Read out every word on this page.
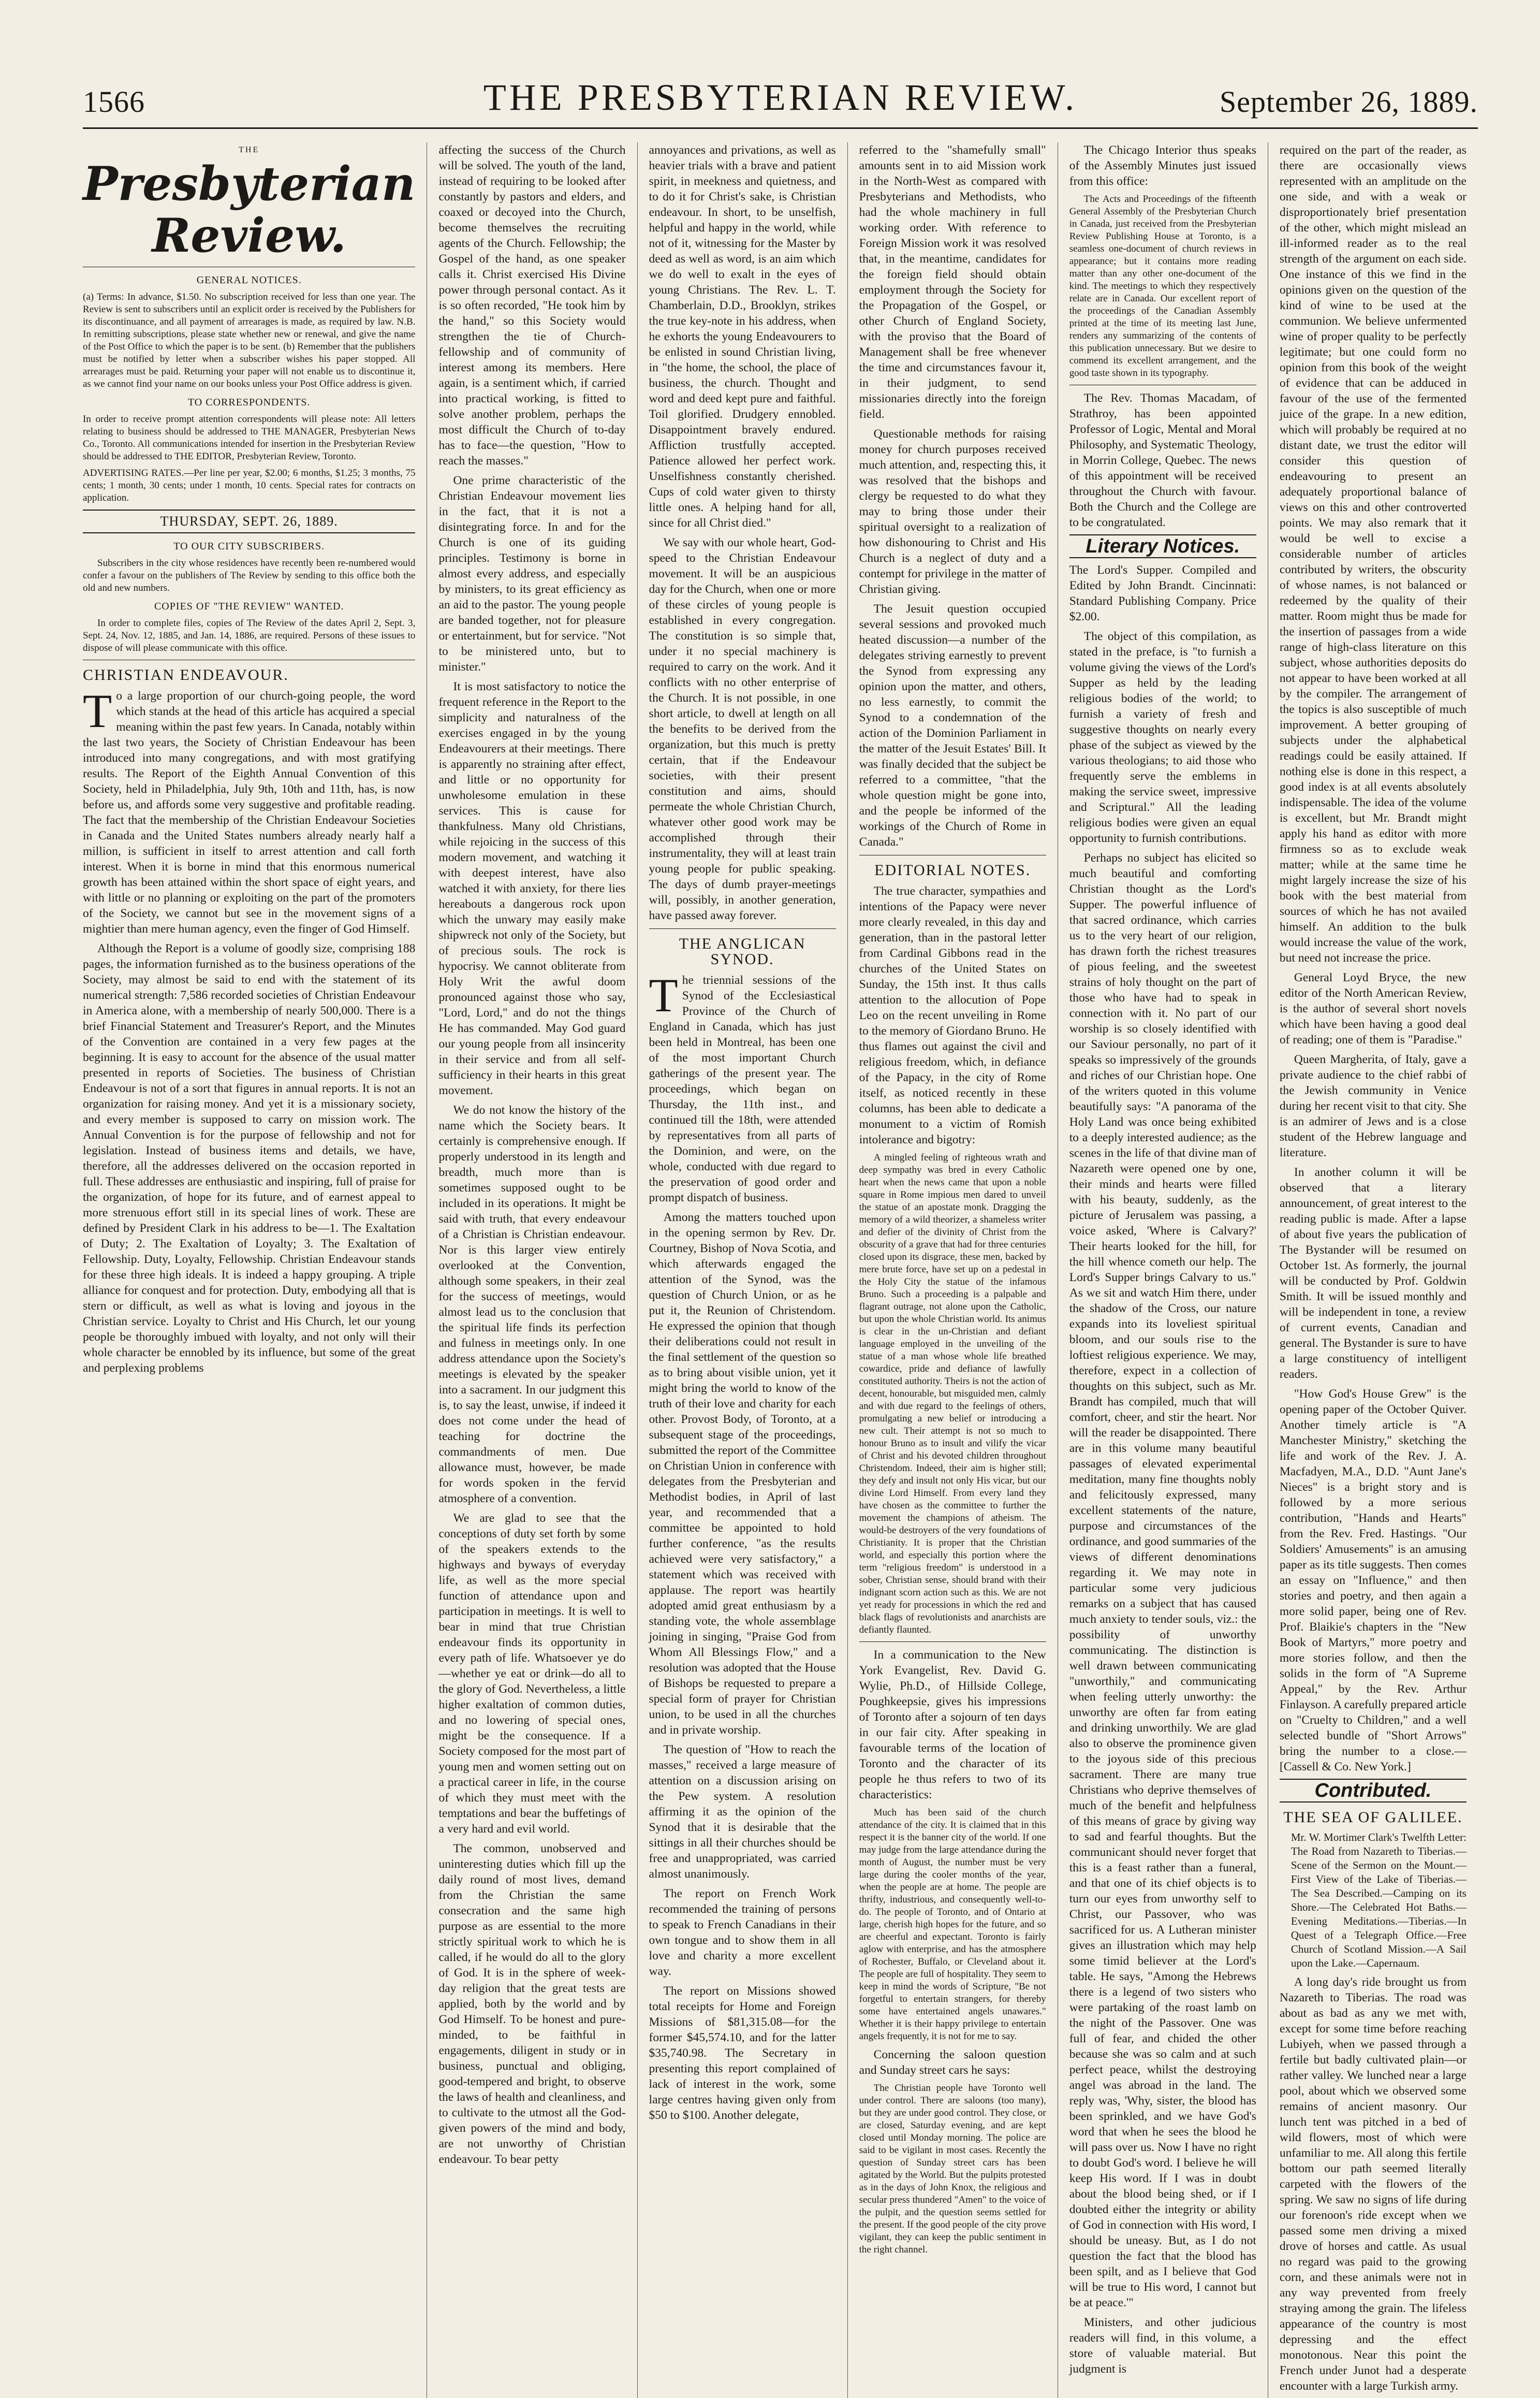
1566	THE PRESBYTERIAN REVIEW.	September 26, 1889.
THE
Presbyterian Review.
GENERAL NOTICES.

(a) Terms: In advance, $1.50. No subscription received for less than one year. The Review is sent to subscribers until an explicit order is received by the Publishers for its discontinuance, and all payment of arrearages is made, as required by law. N.B. In remitting subscriptions, please state whether new or renewal, and give the name of the Post Office to which the paper is to be sent. (b) Remember that the publishers must be notified by letter when a subscriber wishes his paper stopped. All arrearages must be paid. Returning your paper will not enable us to discontinue it, as we cannot find your name on our books unless your Post Office address is given.

TO CORRESPONDENTS.

In order to receive prompt attention correspondents will please note: All letters relating to business should be addressed to THE MANAGER, Presbyterian News Co., Toronto. All communications intended for insertion in the Presbyterian Review should be addressed to THE EDITOR, Presbyterian Review, Toronto.

ADVERTISING RATES.—Per line per year, $2.00; 6 months, $1.25; 3 months, 75 cents; 1 month, 30 cents; under 1 month, 10 cents. Special rates for contracts on application.

THURSDAY, SEPT. 26, 1889.
TO OUR CITY SUBSCRIBERS.

Subscribers in the city whose residences have recently been re-numbered would confer a favour on the publishers of The Review by sending to this office both the old and new numbers.

COPIES OF "THE REVIEW" WANTED.

In order to complete files, copies of The Review of the dates April 2, Sept. 3, Sept. 24, Nov. 12, 1885, and Jan. 14, 1886, are required. Persons of these issues to dispose of will please communicate with this office.

CHRISTIAN ENDEAVOUR.

To a large proportion of our church-going people, the word which stands at the head of this article has acquired a special meaning within the past few years. In Canada, notably within the last two years, the Society of Christian Endeavour has been introduced into many congregations, and with most gratifying results. The Report of the Eighth Annual Convention of this Society, held in Philadelphia, July 9th, 10th and 11th, has, is now before us, and affords some very suggestive and profitable reading. The fact that the membership of the Christian Endeavour Societies in Canada and the United States numbers already nearly half a million, is sufficient in itself to arrest attention and call forth interest. When it is borne in mind that this enormous numerical growth has been attained within the short space of eight years, and with little or no planning or exploiting on the part of the promoters of the Society, we cannot but see in the movement signs of a mightier than mere human agency, even the finger of God Himself.

Although the Report is a volume of goodly size, comprising 188 pages, the information furnished as to the business operations of the Society, may almost be said to end with the statement of its numerical strength: 7,586 recorded societies of Christian Endeavour in America alone, with a membership of nearly 500,000. There is a brief Financial Statement and Treasurer's Report, and the Minutes of the Convention are contained in a very few pages at the beginning. It is easy to account for the absence of the usual matter presented in reports of Societies. The business of Christian Endeavour is not of a sort that figures in annual reports. It is not an organization for raising money. And yet it is a missionary society, and every member is supposed to carry on mission work. The Annual Convention is for the purpose of fellowship and not for legislation. Instead of business items and details, we have, therefore, all the addresses delivered on the occasion reported in full. These addresses are enthusiastic and inspiring, full of praise for the organization, of hope for its future, and of earnest appeal to more strenuous effort still in its special lines of work. These are defined by President Clark in his address to be—1. The Exaltation of Duty; 2. The Exaltation of Loyalty; 3. The Exaltation of Fellowship. Duty, Loyalty, Fellowship. Christian Endeavour stands for these three high ideals. It is indeed a happy grouping. A triple alliance for conquest and for protection. Duty, embodying all that is stern or difficult, as well as what is loving and joyous in the Christian service. Loyalty to Christ and His Church, let our young people be thoroughly imbued with loyalty, and not only will their whole character be ennobled by its influence, but some of the great and perplexing problems

affecting the success of the Church will be solved. The youth of the land, instead of requiring to be looked after constantly by pastors and elders, and coaxed or decoyed into the Church, become themselves the recruiting agents of the Church. Fellowship; the Gospel of the hand, as one speaker calls it. Christ exercised His Divine power through personal contact. As it is so often recorded, "He took him by the hand," so this Society would strengthen the tie of Church-fellowship and of community of interest among its members. Here again, is a sentiment which, if carried into practical working, is fitted to solve another problem, perhaps the most difficult the Church of to-day has to face—the question, "How to reach the masses."

One prime characteristic of the Christian Endeavour movement lies in the fact, that it is not a disintegrating force. In and for the Church is one of its guiding principles. Testimony is borne in almost every address, and especially by ministers, to its great efficiency as an aid to the pastor. The young people are banded together, not for pleasure or entertainment, but for service. "Not to be ministered unto, but to minister."

It is most satisfactory to notice the frequent reference in the Report to the simplicity and naturalness of the exercises engaged in by the young Endeavourers at their meetings. There is apparently no straining after effect, and little or no opportunity for unwholesome emulation in these services. This is cause for thankfulness. Many old Christians, while rejoicing in the success of this modern movement, and watching it with deepest interest, have also watched it with anxiety, for there lies hereabouts a dangerous rock upon which the unwary may easily make shipwreck not only of the Society, but of precious souls. The rock is hypocrisy. We cannot obliterate from Holy Writ the awful doom pronounced against those who say, "Lord, Lord," and do not the things He has commanded. May God guard our young people from all insincerity in their service and from all self-sufficiency in their hearts in this great movement.

We do not know the history of the name which the Society bears. It certainly is comprehensive enough. If properly understood in its length and breadth, much more than is sometimes supposed ought to be included in its operations. It might be said with truth, that every endeavour of a Christian is Christian endeavour. Nor is this larger view entirely overlooked at the Convention, although some speakers, in their zeal for the success of meetings, would almost lead us to the conclusion that the spiritual life finds its perfection and fulness in meetings only. In one address attendance upon the Society's meetings is elevated by the speaker into a sacrament. In our judgment this is, to say the least, unwise, if indeed it does not come under the head of teaching for doctrine the commandments of men. Due allowance must, however, be made for words spoken in the fervid atmosphere of a convention.

We are glad to see that the conceptions of duty set forth by some of the speakers extends to the highways and byways of everyday life, as well as the more special function of attendance upon and participation in meetings. It is well to bear in mind that true Christian endeavour finds its opportunity in every path of life. Whatsoever ye do—whether ye eat or drink—do all to the glory of God. Nevertheless, a little higher exaltation of common duties, and no lowering of special ones, might be the consequence. If a Society composed for the most part of young men and women setting out on a practical career in life, in the course of which they must meet with the temptations and bear the buffetings of a very hard and evil world.

The common, unobserved and uninteresting duties which fill up the daily round of most lives, demand from the Christian the same consecration and the same high purpose as are essential to the more strictly spiritual work to which he is called, if he would do all to the glory of God. It is in the sphere of week-day religion that the great tests are applied, both by the world and by God Himself. To be honest and pure-minded, to be faithful in engagements, diligent in study or in business, punctual and obliging, good-tempered and bright, to observe the laws of health and cleanliness, and to cultivate to the utmost all the God-given powers of the mind and body, are not unworthy of Christian endeavour. To bear petty

annoyances and privations, as well as heavier trials with a brave and patient spirit, in meekness and quietness, and to do it for Christ's sake, is Christian endeavour. In short, to be unselfish, helpful and happy in the world, while not of it, witnessing for the Master by deed as well as word, is an aim which we do well to exalt in the eyes of young Christians. The Rev. L. T. Chamberlain, D.D., Brooklyn, strikes the true key-note in his address, when he exhorts the young Endeavourers to be enlisted in sound Christian living, in "the home, the school, the place of business, the church. Thought and word and deed kept pure and faithful. Toil glorified. Drudgery ennobled. Disappointment bravely endured. Affliction trustfully accepted. Patience allowed her perfect work. Unselfishness constantly cherished. Cups of cold water given to thirsty little ones. A helping hand for all, since for all Christ died."

We say with our whole heart, God-speed to the Christian Endeavour movement. It will be an auspicious day for the Church, when one or more of these circles of young people is established in every congregation. The constitution is so simple that, under it no special machinery is required to carry on the work. And it conflicts with no other enterprise of the Church. It is not possible, in one short article, to dwell at length on all the benefits to be derived from the organization, but this much is pretty certain, that if the Endeavour societies, with their present constitution and aims, should permeate the whole Christian Church, whatever other good work may be accomplished through their instrumentality, they will at least train young people for public speaking. The days of dumb prayer-meetings will, possibly, in another generation, have passed away forever.

THE ANGLICAN SYNOD.

The triennial sessions of the Synod of the Ecclesiastical Province of the Church of England in Canada, which has just been held in Montreal, has been one of the most important Church gatherings of the present year. The proceedings, which began on Thursday, the 11th inst., and continued till the 18th, were attended by representatives from all parts of the Dominion, and were, on the whole, conducted with due regard to the preservation of good order and prompt dispatch of business.

Among the matters touched upon in the opening sermon by Rev. Dr. Courtney, Bishop of Nova Scotia, and which afterwards engaged the attention of the Synod, was the question of Church Union, or as he put it, the Reunion of Christendom. He expressed the opinion that though their deliberations could not result in the final settlement of the question so as to bring about visible union, yet it might bring the world to know of the truth of their love and charity for each other. Provost Body, of Toronto, at a subsequent stage of the proceedings, submitted the report of the Committee on Christian Union in conference with delegates from the Presbyterian and Methodist bodies, in April of last year, and recommended that a committee be appointed to hold further conference, "as the results achieved were very satisfactory," a statement which was received with applause. The report was heartily adopted amid great enthusiasm by a standing vote, the whole assemblage joining in singing, "Praise God from Whom All Blessings Flow," and a resolution was adopted that the House of Bishops be requested to prepare a special form of prayer for Christian union, to be used in all the churches and in private worship.

The question of "How to reach the masses," received a large measure of attention on a discussion arising on the Pew system. A resolution affirming it as the opinion of the Synod that it is desirable that the sittings in all their churches should be free and unappropriated, was carried almost unanimously.

The report on French Work recommended the training of persons to speak to French Canadians in their own tongue and to show them in all love and charity a more excellent way.

The report on Missions showed total receipts for Home and Foreign Missions of $81,315.08—for the former $45,574.10, and for the latter $35,740.98. The Secretary in presenting this report complained of lack of interest in the work, some large centres having given only from $50 to $100. Another delegate,

referred to the "shamefully small" amounts sent in to aid Mission work in the North-West as compared with Presbyterians and Methodists, who had the whole machinery in full working order. With reference to Foreign Mission work it was resolved that, in the meantime, candidates for the foreign field should obtain employment through the Society for the Propagation of the Gospel, or other Church of England Society, with the proviso that the Board of Management shall be free whenever the time and circumstances favour it, in their judgment, to send missionaries directly into the foreign field.

Questionable methods for raising money for church purposes received much attention, and, respecting this, it was resolved that the bishops and clergy be requested to do what they may to bring those under their spiritual oversight to a realization of how dishonouring to Christ and His Church is a neglect of duty and a contempt for privilege in the matter of Christian giving.

The Jesuit question occupied several sessions and provoked much heated discussion—a number of the delegates striving earnestly to prevent the Synod from expressing any opinion upon the matter, and others, no less earnestly, to commit the Synod to a condemnation of the action of the Dominion Parliament in the matter of the Jesuit Estates' Bill. It was finally decided that the subject be referred to a committee, "that the whole question might be gone into, and the people be informed of the workings of the Church of Rome in Canada."

EDITORIAL NOTES.

The true character, sympathies and intentions of the Papacy were never more clearly revealed, in this day and generation, than in the pastoral letter from Cardinal Gibbons read in the churches of the United States on Sunday, the 15th inst. It thus calls attention to the allocution of Pope Leo on the recent unveiling in Rome to the memory of Giordano Bruno. He thus flames out against the civil and religious freedom, which, in defiance of the Papacy, in the city of Rome itself, as noticed recently in these columns, has been able to dedicate a monument to a victim of Romish intolerance and bigotry:

A mingled feeling of righteous wrath and deep sympathy was bred in every Catholic heart when the news came that upon a noble square in Rome impious men dared to unveil the statue of an apostate monk. Dragging the memory of a wild theorizer, a shameless writer and defier of the divinity of Christ from the obscurity of a grave that had for three centuries closed upon its disgrace, these men, backed by mere brute force, have set up on a pedestal in the Holy City the statue of the infamous Bruno. Such a proceeding is a palpable and flagrant outrage, not alone upon the Catholic, but upon the whole Christian world. Its animus is clear in the un-Christian and defiant language employed in the unveiling of the statue of a man whose whole life breathed cowardice, pride and defiance of lawfully constituted authority. Theirs is not the action of decent, honourable, but misguided men, calmly and with due regard to the feelings of others, promulgating a new belief or introducing a new cult. Their attempt is not so much to honour Bruno as to insult and vilify the vicar of Christ and his devoted children throughout Christendom. Indeed, their aim is higher still; they defy and insult not only His vicar, but our divine Lord Himself. From every land they have chosen as the committee to further the movement the champions of atheism. The would-be destroyers of the very foundations of Christianity. It is proper that the Christian world, and especially this portion where the term "religious freedom" is understood in a sober, Christian sense, should brand with their indignant scorn action such as this. We are not yet ready for processions in which the red and black flags of revolutionists and anarchists are defiantly flaunted.

In a communication to the New York Evangelist, Rev. David G. Wylie, Ph.D., of Hillside College, Poughkeepsie, gives his impressions of Toronto after a sojourn of ten days in our fair city. After speaking in favourable terms of the location of Toronto and the character of its people he thus refers to two of its characteristics:

Much has been said of the church attendance of the city. It is claimed that in this respect it is the banner city of the world. If one may judge from the large attendance during the month of August, the number must be very large during the cooler months of the year, when the people are at home. The people are thrifty, industrious, and consequently well-to-do. The people of Toronto, and of Ontario at large, cherish high hopes for the future, and so are cheerful and expectant. Toronto is fairly aglow with enterprise, and has the atmosphere of Rochester, Buffalo, or Cleveland about it. The people are full of hospitality. They seem to keep in mind the words of Scripture, "Be not forgetful to entertain strangers, for thereby some have entertained angels unawares." Whether it is their happy privilege to entertain angels frequently, it is not for me to say.

Concerning the saloon question and Sunday street cars he says:

The Christian people have Toronto well under control. There are saloons (too many), but they are under good control. They close, or are closed, Saturday evening, and are kept closed until Monday morning. The police are said to be vigilant in most cases. Recently the question of Sunday street cars has been agitated by the World. But the pulpits protested as in the days of John Knox, the religious and secular press thundered "Amen" to the voice of the pulpit, and the question seems settled for the present. If the good people of the city prove vigilant, they can keep the public sentiment in the right channel.

The Chicago Interior thus speaks of the Assembly Minutes just issued from this office:

The Acts and Proceedings of the fifteenth General Assembly of the Presbyterian Church in Canada, just received from the Presbyterian Review Publishing House at Toronto, is a seamless one-document of church reviews in appearance; but it contains more reading matter than any other one-document of the kind. The meetings to which they respectively relate are in Canada. Our excellent report of the proceedings of the Canadian Assembly printed at the time of its meeting last June, renders any summarizing of the contents of this publication unnecessary. But we desire to commend its excellent arrangement, and the good taste shown in its typography.

The Rev. Thomas Macadam, of Strathroy, has been appointed Professor of Logic, Mental and Moral Philosophy, and Systematic Theology, in Morrin College, Quebec. The news of this appointment will be received throughout the Church with favour. Both the Church and the College are to be congratulated.

Literary Notices.

The Lord's Supper. Compiled and Edited by John Brandt. Cincinnati: Standard Publishing Company. Price $2.00.

The object of this compilation, as stated in the preface, is "to furnish a volume giving the views of the Lord's Supper as held by the leading religious bodies of the world; to furnish a variety of fresh and suggestive thoughts on nearly every phase of the subject as viewed by the various theologians; to aid those who frequently serve the emblems in making the service sweet, impressive and Scriptural." All the leading religious bodies were given an equal opportunity to furnish contributions.

Perhaps no subject has elicited so much beautiful and comforting Christian thought as the Lord's Supper. The powerful influence of that sacred ordinance, which carries us to the very heart of our religion, has drawn forth the richest treasures of pious feeling, and the sweetest strains of holy thought on the part of those who have had to speak in connection with it. No part of our worship is so closely identified with our Saviour personally, no part of it speaks so impressively of the grounds and riches of our Christian hope. One of the writers quoted in this volume beautifully says: "A panorama of the Holy Land was once being exhibited to a deeply interested audience; as the scenes in the life of that divine man of Nazareth were opened one by one, their minds and hearts were filled with his beauty, suddenly, as the picture of Jerusalem was passing, a voice asked, 'Where is Calvary?' Their hearts looked for the hill, for the hill whence cometh our help. The Lord's Supper brings Calvary to us." As we sit and watch Him there, under the shadow of the Cross, our nature expands into its loveliest spiritual bloom, and our souls rise to the loftiest religious experience. We may, therefore, expect in a collection of thoughts on this subject, such as Mr. Brandt has compiled, much that will comfort, cheer, and stir the heart. Nor will the reader be disappointed. There are in this volume many beautiful passages of elevated experimental meditation, many fine thoughts nobly and felicitously expressed, many excellent statements of the nature, purpose and circumstances of the ordinance, and good summaries of the views of different denominations regarding it. We may note in particular some very judicious remarks on a subject that has caused much anxiety to tender souls, viz.: the possibility of unworthy communicating. The distinction is well drawn between communicating "unworthily," and communicating when feeling utterly unworthy: the unworthy are often far from eating and drinking unworthily. We are glad also to observe the prominence given to the joyous side of this precious sacrament. There are many true Christians who deprive themselves of much of the benefit and helpfulness of this means of grace by giving way to sad and fearful thoughts. But the communicant should never forget that this is a feast rather than a funeral, and that one of its chief objects is to turn our eyes from unworthy self to Christ, our Passover, who was sacrificed for us. A Lutheran minister gives an illustration which may help some timid believer at the Lord's table. He says, "Among the Hebrews there is a legend of two sisters who were partaking of the roast lamb on the night of the Passover. One was full of fear, and chided the other because she was so calm and at such perfect peace, whilst the destroying angel was abroad in the land. The reply was, 'Why, sister, the blood has been sprinkled, and we have God's word that when he sees the blood he will pass over us. Now I have no right to doubt God's word. I believe he will keep His word. If I was in doubt about the blood being shed, or if I doubted either the integrity or ability of God in connection with His word, I should be uneasy. But, as I do not question the fact that the blood has been spilt, and as I believe that God will be true to His word, I cannot but be at peace.'"

Ministers, and other judicious readers will find, in this volume, a store of valuable material. But judgment is

required on the part of the reader, as there are occasionally views represented with an amplitude on the one side, and with a weak or disproportionately brief presentation of the other, which might mislead an ill-informed reader as to the real strength of the argument on each side. One instance of this we find in the opinions given on the question of the kind of wine to be used at the communion. We believe unfermented wine of proper quality to be perfectly legitimate; but one could form no opinion from this book of the weight of evidence that can be adduced in favour of the use of the fermented juice of the grape. In a new edition, which will probably be required at no distant date, we trust the editor will consider this question of endeavouring to present an adequately proportional balance of views on this and other controverted points. We may also remark that it would be well to excise a considerable number of articles contributed by writers, the obscurity of whose names, is not balanced or redeemed by the quality of their matter. Room might thus be made for the insertion of passages from a wide range of high-class literature on this subject, whose authorities deposits do not appear to have been worked at all by the compiler. The arrangement of the topics is also susceptible of much improvement. A better grouping of subjects under the alphabetical readings could be easily attained. If nothing else is done in this respect, a good index is at all events absolutely indispensable. The idea of the volume is excellent, but Mr. Brandt might apply his hand as editor with more firmness so as to exclude weak matter; while at the same time he might largely increase the size of his book with the best material from sources of which he has not availed himself. An addition to the bulk would increase the value of the work, but need not increase the price.

General Loyd Bryce, the new editor of the North American Review, is the author of several short novels which have been having a good deal of reading; one of them is "Paradise."

Queen Margherita, of Italy, gave a private audience to the chief rabbi of the Jewish community in Venice during her recent visit to that city. She is an admirer of Jews and is a close student of the Hebrew language and literature.

In another column it will be observed that a literary announcement, of great interest to the reading public is made. After a lapse of about five years the publication of The Bystander will be resumed on October 1st. As formerly, the journal will be conducted by Prof. Goldwin Smith. It will be issued monthly and will be independent in tone, a review of current events, Canadian and general. The Bystander is sure to have a large constituency of intelligent readers.

"How God's House Grew" is the opening paper of the October Quiver. Another timely article is "A Manchester Ministry," sketching the life and work of the Rev. J. A. Macfadyen, M.A., D.D. "Aunt Jane's Nieces" is a bright story and is followed by a more serious contribution, "Hands and Hearts" from the Rev. Fred. Hastings. "Our Soldiers' Amusements" is an amusing paper as its title suggests. Then comes an essay on "Influence," and then stories and poetry, and then again a more solid paper, being one of Rev. Prof. Blaikie's chapters in the "New Book of Martyrs," more poetry and more stories follow, and then the solids in the form of "A Supreme Appeal," by the Rev. Arthur Finlayson. A carefully prepared article on "Cruelty to Children," and a well selected bundle of "Short Arrows" bring the number to a close.—[Cassell & Co. New York.]

Contributed.
THE SEA OF GALILEE.

Mr. W. Mortimer Clark's Twelfth Letter: The Road from Nazareth to Tiberias.—Scene of the Sermon on the Mount.—First View of the Lake of Tiberias.—The Sea Described.—Camping on its Shore.—The Celebrated Hot Baths.—Evening Meditations.—Tiberias.—In Quest of a Telegraph Office.—Free Church of Scotland Mission.—A Sail upon the Lake.—Capernaum.

A long day's ride brought us from Nazareth to Tiberias. The road was about as bad as any we met with, except for some time before reaching Lubiyeh, when we passed through a fertile but badly cultivated plain—or rather valley. We lunched near a large pool, about which we observed some remains of ancient masonry. Our lunch tent was pitched in a bed of wild flowers, most of which were unfamiliar to me. All along this fertile bottom our path seemed literally carpeted with the flowers of the spring. We saw no signs of life during our forenoon's ride except when we passed some men driving a mixed drove of horses and cattle. As usual no regard was paid to the growing corn, and these animals were not in any way prevented from freely straying among the grain. The lifeless appearance of the country is most depressing and the effect monotonous. Near this point the French under Junot had a desperate encounter with a large Turkish army.
